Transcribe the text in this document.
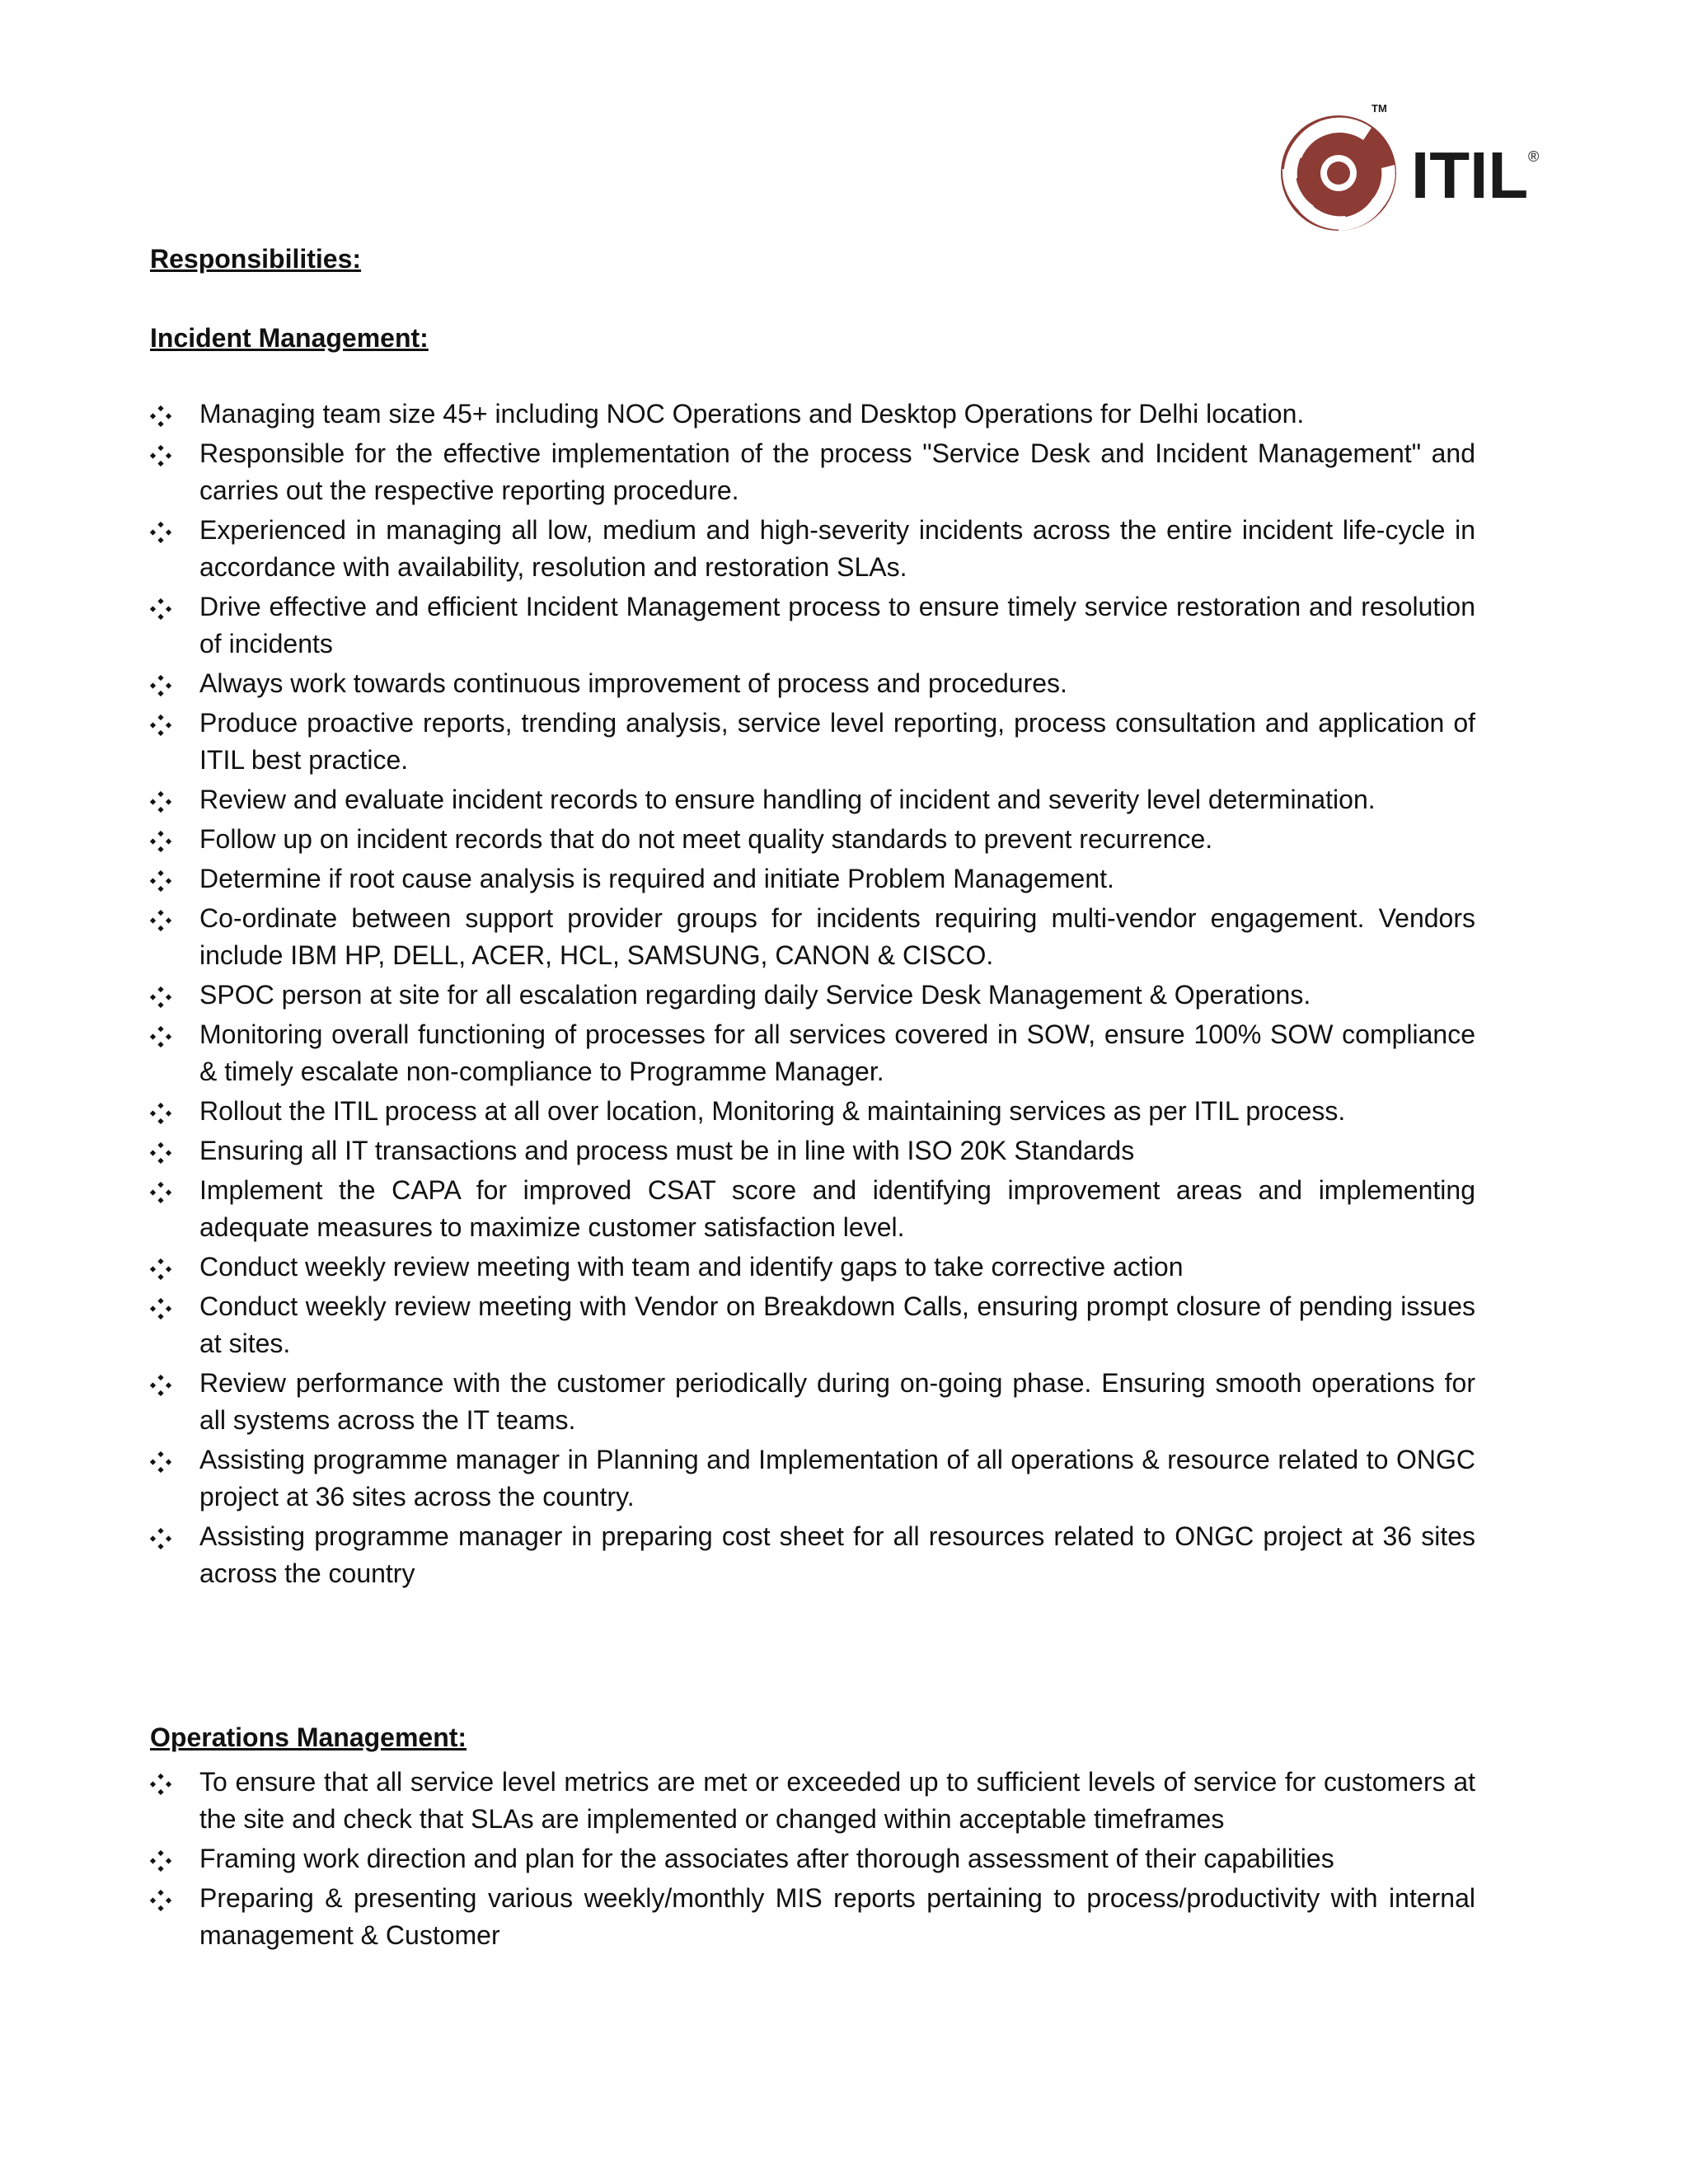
ITIL
TM
®

Responsibilities:

Incident Management:

Managing team size 45+ including NOC Operations and Desktop Operations for Delhi location.
Responsible for the effective implementation of the process "Service Desk and Incident Management" and carries out the respective reporting procedure.
Experienced in managing all low, medium and high-severity incidents across the entire incident life-cycle in accordance with availability, resolution and restoration SLAs.
Drive effective and efficient Incident Management process to ensure timely service restoration and resolution of incidents
Always work towards continuous improvement of process and procedures.
Produce proactive reports, trending analysis, service level reporting, process consultation and application of ITIL best practice.
Review and evaluate incident records to ensure handling of incident and severity level determination.
Follow up on incident records that do not meet quality standards to prevent recurrence.
Determine if root cause analysis is required and initiate Problem Management.
Co-ordinate between support provider groups for incidents requiring multi-vendor engagement. Vendors include IBM HP, DELL, ACER, HCL, SAMSUNG, CANON & CISCO.
SPOC person at site for all escalation regarding daily Service Desk Management & Operations.
Monitoring overall functioning of processes for all services covered in SOW, ensure 100% SOW compliance & timely escalate non-compliance to Programme Manager.
Rollout the ITIL process at all over location, Monitoring & maintaining services as per ITIL process.
Ensuring all IT transactions and process must be in line with ISO 20K Standards
Implement the CAPA for improved CSAT score and identifying improvement areas and implementing adequate measures to maximize customer satisfaction level.
Conduct weekly review meeting with team and identify gaps to take corrective action
Conduct weekly review meeting with Vendor on Breakdown Calls, ensuring prompt closure of pending issues at sites.
Review performance with the customer periodically during on-going phase. Ensuring smooth operations for all systems across the IT teams.
Assisting programme manager in Planning and Implementation of all operations & resource related to ONGC project at 36 sites across the country.
Assisting programme manager in preparing cost sheet for all resources related to ONGC project at 36 sites across the country

Operations Management:

To ensure that all service level metrics are met or exceeded up to sufficient levels of service for customers at the site and check that SLAs are implemented or changed within acceptable timeframes
Framing work direction and plan for the associates after thorough assessment of their capabilities
Preparing & presenting various weekly/monthly MIS reports pertaining to process/productivity with internal management & Customer
